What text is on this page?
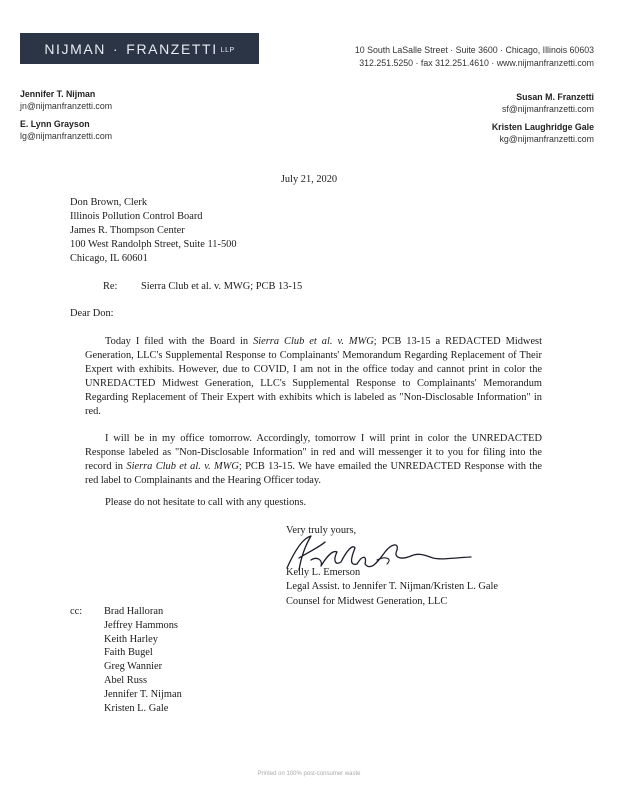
NIJMAN · FRANZETTI LLP	10 South LaSalle Street · Suite 3600 · Chicago, Illinois 60603
312.251.5250 · fax 312.251.4610 · www.nijmanfranzetti.com
Jennifer T. Nijman
jn@nijmanfranzetti.com
E. Lynn Grayson
lg@nijmanfranzetti.com
Susan M. Franzetti
sf@nijmanfranzetti.com
Kristen Laughridge Gale
kg@nijmanfranzetti.com
July 21, 2020
Don Brown, Clerk
Illinois Pollution Control Board
James R. Thompson Center
100 West Randolph Street, Suite 11-500
Chicago, IL 60601
Re: Sierra Club et al. v. MWG; PCB 13-15
Dear Don:
Today I filed with the Board in Sierra Club et al. v. MWG; PCB 13-15 a REDACTED Midwest Generation, LLC's Supplemental Response to Complainants' Memorandum Regarding Replacement of Their Expert with exhibits. However, due to COVID, I am not in the office today and cannot print in color the UNREDACTED Midwest Generation, LLC's Supplemental Response to Complainants' Memorandum Regarding Replacement of Their Expert with exhibits which is labeled as "Non-Disclosable Information" in red.
I will be in my office tomorrow. Accordingly, tomorrow I will print in color the UNREDACTED Response labeled as "Non-Disclosable Information" in red and will messenger it to you for filing into the record in Sierra Club et al. v. MWG; PCB 13-15. We have emailed the UNREDACTED Response with the red label to Complainants and the Hearing Officer today.
Please do not hesitate to call with any questions.
Very truly yours,
Kelly L. Emerson
Legal Assist. to Jennifer T. Nijman/Kristen L. Gale
Counsel for Midwest Generation, LLC
cc: Brad Halloran
Jeffrey Hammons
Keith Harley
Faith Bugel
Greg Wannier
Abel Russ
Jennifer T. Nijman
Kristen L. Gale
Printed on 100% post-consumer waste
